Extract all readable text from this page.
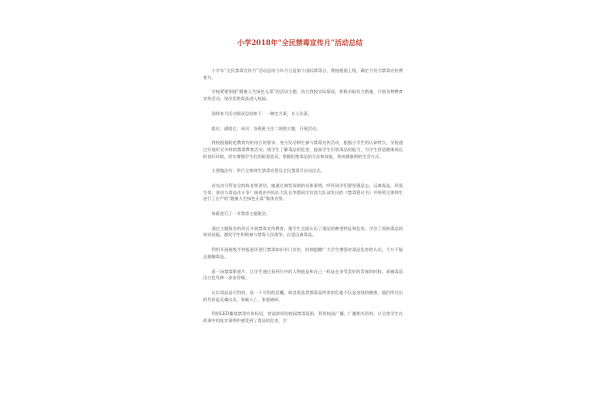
小学2018年“全民禁毒宣传月”活动总结

小学年“全民禁毒宣传月”活动总结今年月日是第个国际禁毒日，我校根据上级，确定月份为禁毒宣传教育月。

学校紧紧围绕“健康人生绿色无毒”的活动主题，结合我校实际情况，积极采取有力措施，开展各种教育宣传活动，坚决拒绝毒品进入校园。

现将本月活动情况总结如下：一制定方案，专人负责。

组长：副组长：成员：各班班主任二围绕主题，开展活动。

我校根据防范教育有机结合的要求，充分发动师生参与禁毒宣传活动，根据小学生的认知特点，学校通过开展形式多样的禁毒教育活动，使学生了解毒品的危害，提高学生识别毒品的能力，为学生营造健康成长的良好环境，切实增强学生们的防毒意识，掌握拒绝毒品的方法和技能，养成健康明的生活方式。

主要做法有：举行全体师生禁毒宣誓及全民禁毒月启动仪式。

首先由分管安全的陈老师讲话，她通过典型深刻的具体事例，呼吁同学们要坚强意志，远离毒品，珍爱生命，坚决与毒品作斗争！接着由中队队大队长李霞同学宣读大队部发出的《禁毒倡议书》并带领全体师生进行了庄严的“健康人生绿色无毒”集体宣誓。

每班进行了一节禁毒主题班会。

通过主题班会的形式开展禁毒宣传教育，使学生全面认识了毒品的种类特征和危害，学会了预防毒品的知识技能，激发学生积极参与禁毒人民战争，自觉远离毒品。

利用开展班级手抄报展评进行禁毒知识专门宣传，时刻提醒广大学生增强对毒品危害的认识，千万不能去接触毒品。

看一场禁毒影视片，让学生通过看到片中的人物他是和自己一样是在享受美好的青春的时候，却被毒品这白色死神一步步吞噬。

认识毒品是可怕的，是一个可怕的恶魔，吸食毒品者都毒品所害的危他不仅是金钱和健康，他们所付出的代价是灵魂出卖，家破人亡，家庭破碎。

利用LED播放禁毒宣传标语，营造浓厚的校园禁毒氛围，利用校园广播，广播相关资料，让全体学生在故事中的真实事例中感受到了毒品的危害，学
